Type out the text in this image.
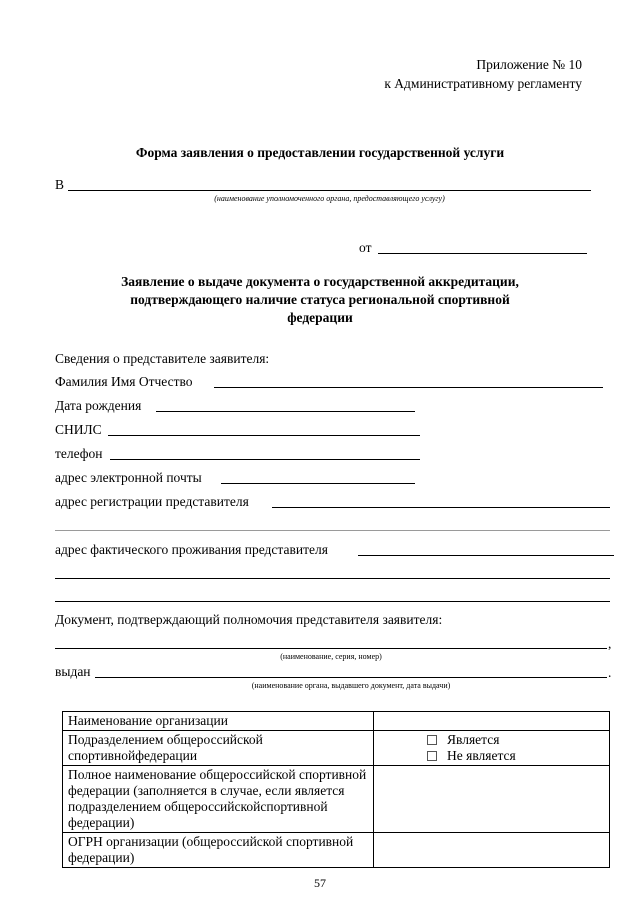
Приложение № 10
к Административному регламенту
Форма заявления о предоставлении государственной услуги
В
(наименование уполномоченного органа, предоставляющего услугу)
от
Заявление о выдаче документа о государственной аккредитации,
подтверждающего наличие статуса региональной спортивной
федерации
Сведения о представителе заявителя:
Фамилия Имя Отчество
Дата рождения
СНИЛС
телефон
адрес электронной почты
адрес регистрации представителя
адрес фактического проживания представителя
Документ, подтверждающий полномочия представителя заявителя:
,
(наименование, серия, номер)
выдан	.
(наименование органа, выдавшего документ, дата выдачи)
Наименование организации	
Подразделением общероссийской спортивнойфедерации	Является
Не является

Полное наименование общероссийской спортивной федерации (заполняется в случае, если является подразделением общероссийскойспортивной федерации)	
ОГРН организации (общероссийской спортивной федерации)	
57
